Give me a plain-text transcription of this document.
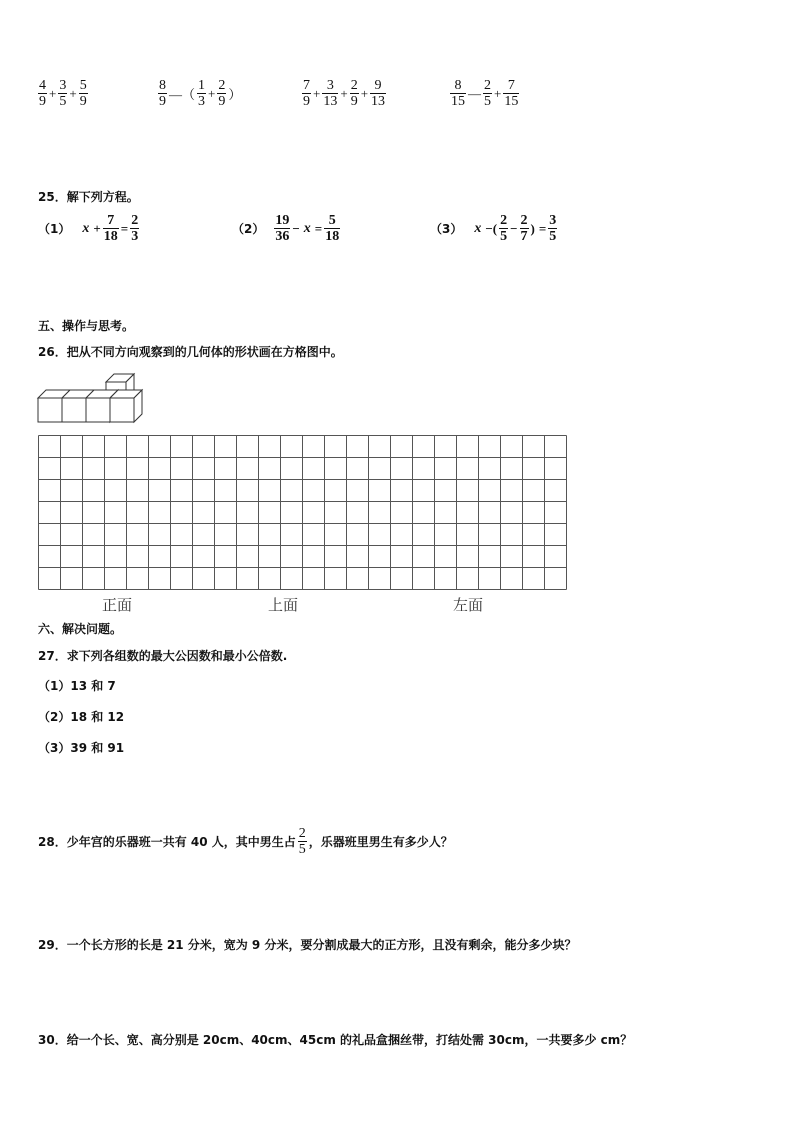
$\frac{4}{9} + \frac{3}{5} + \frac{5}{9}$	$\frac{8}{9}$ —（ $\frac{1}{3} + \frac{2}{9}$ ）	$\frac{7}{9} + \frac{3}{13} + \frac{2}{9} + \frac{9}{13}$	$\frac{8}{15}$ — $\frac{2}{5} + \frac{7}{15}$
25．解下列方程。
（1） $x + \frac{7}{18} = \frac{2}{3}$	$(2) \frac{19}{36} - x = \frac{5}{18}$	（3） x −( $\frac{2}{5} - \frac{2}{7}$ ) = $\frac{3}{5}$
五、操作与思考。
26．把从不同方向观察到的几何体的形状画在方格图中。
正面	上面	左面
六、解决问题。
27．求下列各组数的最大公因数和最小公倍数.
（1）13 和 7
（2）18 和 12
（3）39 和 91
28．少年宫的乐器班一共有 40 人，其中男生占 $\frac{2}{5}$ ，乐器班里男生有多少人？
29．一个长方形的长是 21 分米，宽为 9 分米，要分割成最大的正方形，且没有剩余，能分多少块？
30．给一个长、宽、高分别是 20cm、40cm、45cm 的礼品盒捆丝带，打结处需 30cm，一共要多少 cm？
